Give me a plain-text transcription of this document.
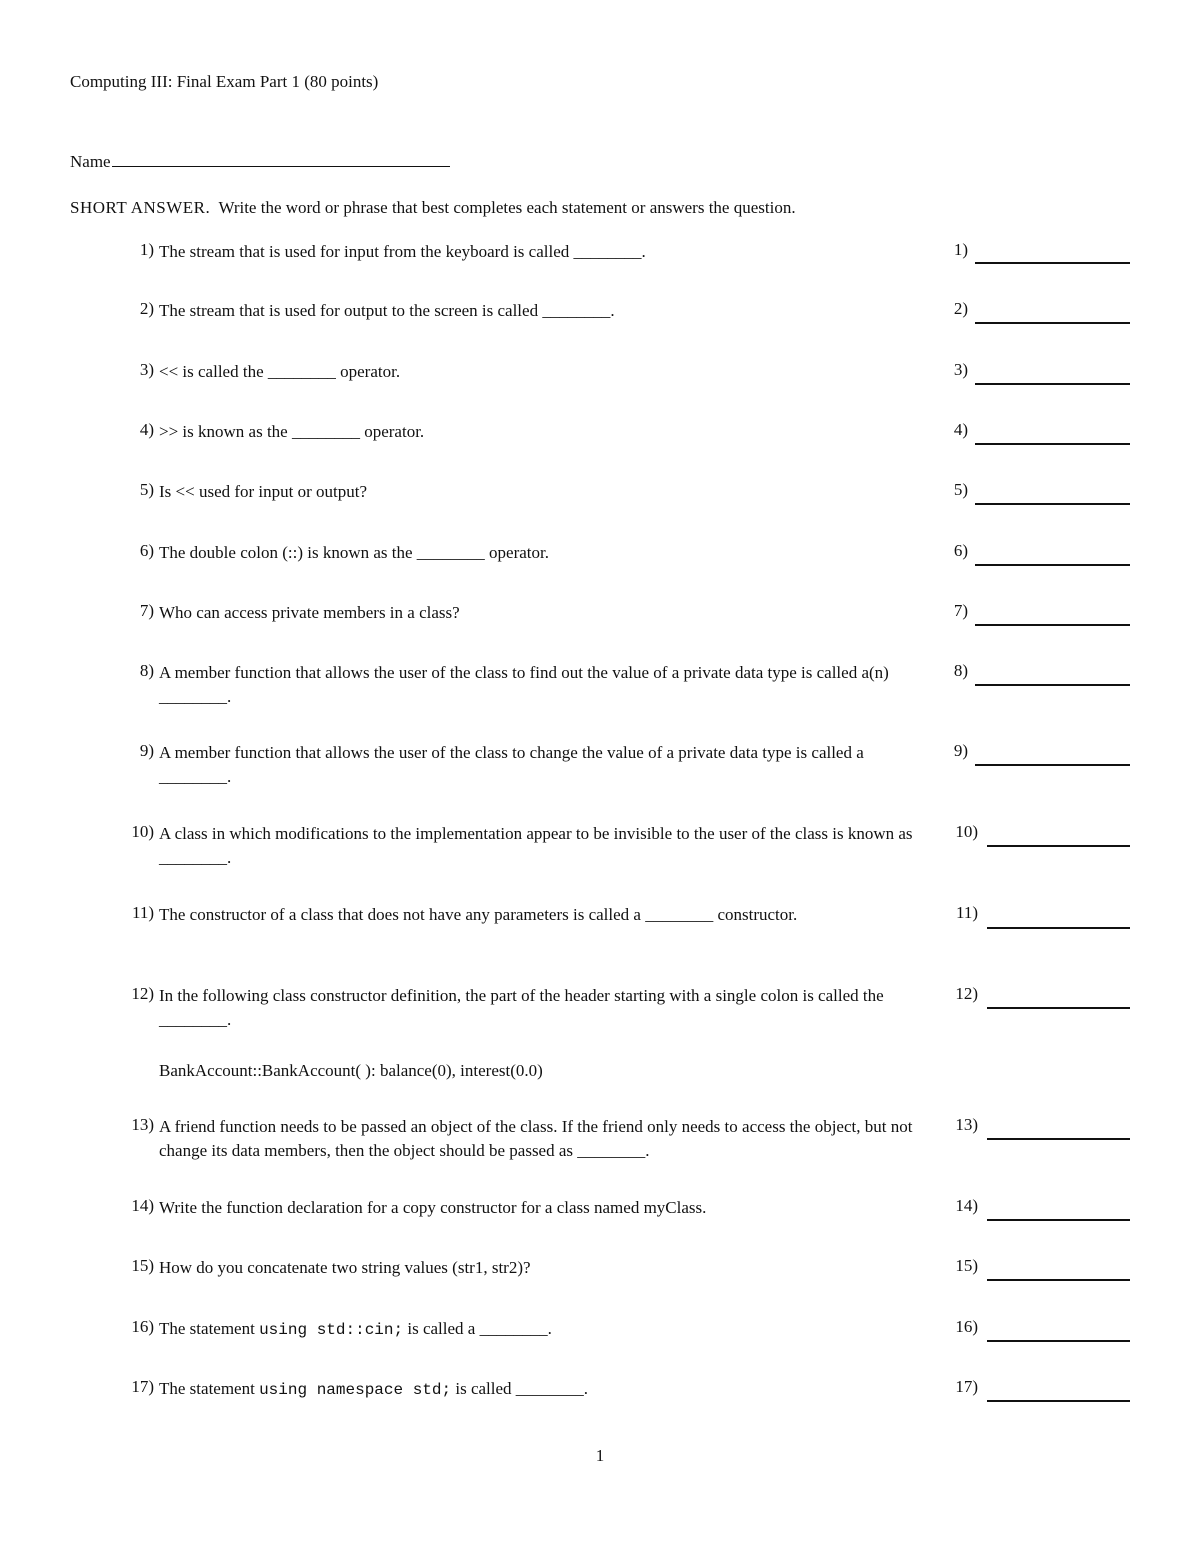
Computing III: Final Exam Part 1 (80 points)
Name
SHORT ANSWER. Write the word or phrase that best completes each statement or answers the question.
1) The stream that is used for input from the keyboard is called ________.	1)
2) The stream that is used for output to the screen is called ________.	2)
3) << is called the ________ operator.	3)
4) >> is known as the ________ operator.	4)
5) Is << used for input or output?	5)
6) The double colon (::) is known as the ________ operator.	6)
7) Who can access private members in a class?	7)
8) A member function that allows the user of the class to find out the value of a private data type is called a(n) ________.
8)
9) A member function that allows the user of the class to change the value of a private data type is called a ________.
9)
10) A class in which modifications to the implementation appear to be invisible to the user of the class is known as ________.
10)
11) The constructor of a class that does not have any parameters is called a ________ constructor.	11)
12) In the following class constructor definition, the part of the header starting with a single colon is called the ________.
12)
BankAccount::BankAccount( ): balance(0), interest(0.0)
13) A friend function needs to be passed an object of the class. If the friend only needs to access the object, but not change its data members, then the object should be passed as ________.
13)
14) Write the function declaration for a copy constructor for a class named myClass.	14)
15) How do you concatenate two string values (str1, str2)?	15)
16) The statement using std::cin; is called a ________.	16)
17) The statement using namespace std; is called ________.	17)
1
